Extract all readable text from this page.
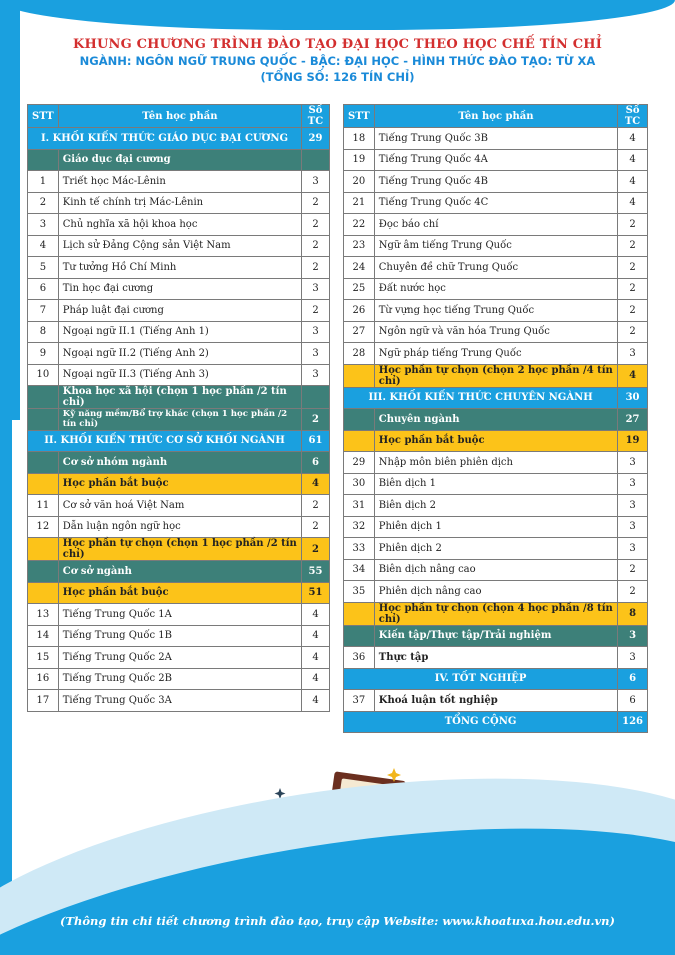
KHUNG CHƯƠNG TRÌNH ĐÀO TẠO ĐẠI HỌC THEO HỌC CHẾ TÍN CHỈ
NGÀNH: NGÔN NGỮ TRUNG QUỐC - BẬC: ĐẠI HỌC - HÌNH THỨC ĐÀO TẠO: TỪ XA
(TỔNG SỐ: 126 TÍN CHỈ)
STT	Tên học phần	Số TC
I. KHỐI KIẾN THỨC GIÁO DỤC ĐẠI CƯƠNG		29
	Giáo dục đại cương	
1	Triết học Mác-Lênin	3
2	Kinh tế chính trị Mác-Lênin	2
3	Chủ nghĩa xã hội khoa học	2
4	Lịch sử Đảng Cộng sản Việt Nam	2
5	Tư tưởng Hồ Chí Minh	2
6	Tin học đại cương	3
7	Pháp luật đại cương	2
8	Ngoại ngữ II.1 (Tiếng Anh 1)	3
9	Ngoại ngữ II.2 (Tiếng Anh 2)	3
10	Ngoại ngữ II.3 (Tiếng Anh 3)	3
	Khoa học xã hội (chọn 1 học phần /2 tín chỉ)	
	Kỹ năng mềm/Bổ trợ khác (chọn 1 học phần /2 tín chỉ)	2
II. KHỐI KIẾN THỨC CƠ SỞ KHỐI NGÀNH		61
	Cơ sở nhóm ngành	6
	Học phần bắt buộc	4
11	Cơ sở văn hoá Việt Nam	2
12	Dẫn luận ngôn ngữ học	2
	Học phần tự chọn (chọn 1 học phần /2 tín chỉ)	2
	Cơ sở ngành	55
	Học phần bắt buộc	51
13	Tiếng Trung Quốc 1A	4
14	Tiếng Trung Quốc 1B	4
15	Tiếng Trung Quốc 2A	4
16	Tiếng Trung Quốc 2B	4
17	Tiếng Trung Quốc 3A	4
STT	Tên học phần	Số TC
18	Tiếng Trung Quốc 3B	4
19	Tiếng Trung Quốc 4A	4
20	Tiếng Trung Quốc 4B	4
21	Tiếng Trung Quốc 4C	4
22	Đọc báo chí	2
23	Ngữ âm tiếng Trung Quốc	2
24	Chuyên đề chữ Trung Quốc	2
25	Đất nước học	2
26	Từ vựng học tiếng Trung Quốc	2
27	Ngôn ngữ và văn hóa Trung Quốc	2
28	Ngữ pháp tiếng Trung Quốc	3
	Học phần tự chọn (chọn 2 học phần /4 tín chỉ)	4
III. KHỐI KIẾN THỨC CHUYÊN NGÀNH		30
	Chuyên ngành	27
	Học phần bắt buộc	19
29	Nhập môn biên phiên dịch	3
30	Biên dịch 1	3
31	Biên dịch 2	3
32	Phiên dịch 1	3
33	Phiên dịch 2	3
34	Biên dịch nâng cao	2
35	Phiên dịch nâng cao	2
	Học phần tự chọn (chọn 4 học phần /8 tín chỉ)	8
	Kiến tập/Thực tập/Trải nghiệm	3
36	Thực tập	3
IV. TỐT NGHIỆP		6
37	Khoá luận tốt nghiệp	6
TỔNG CỘNG		126
(Thông tin chi tiết chương trình đào tạo, truy cập Website: www.khoatuxa.hou.edu.vn)
